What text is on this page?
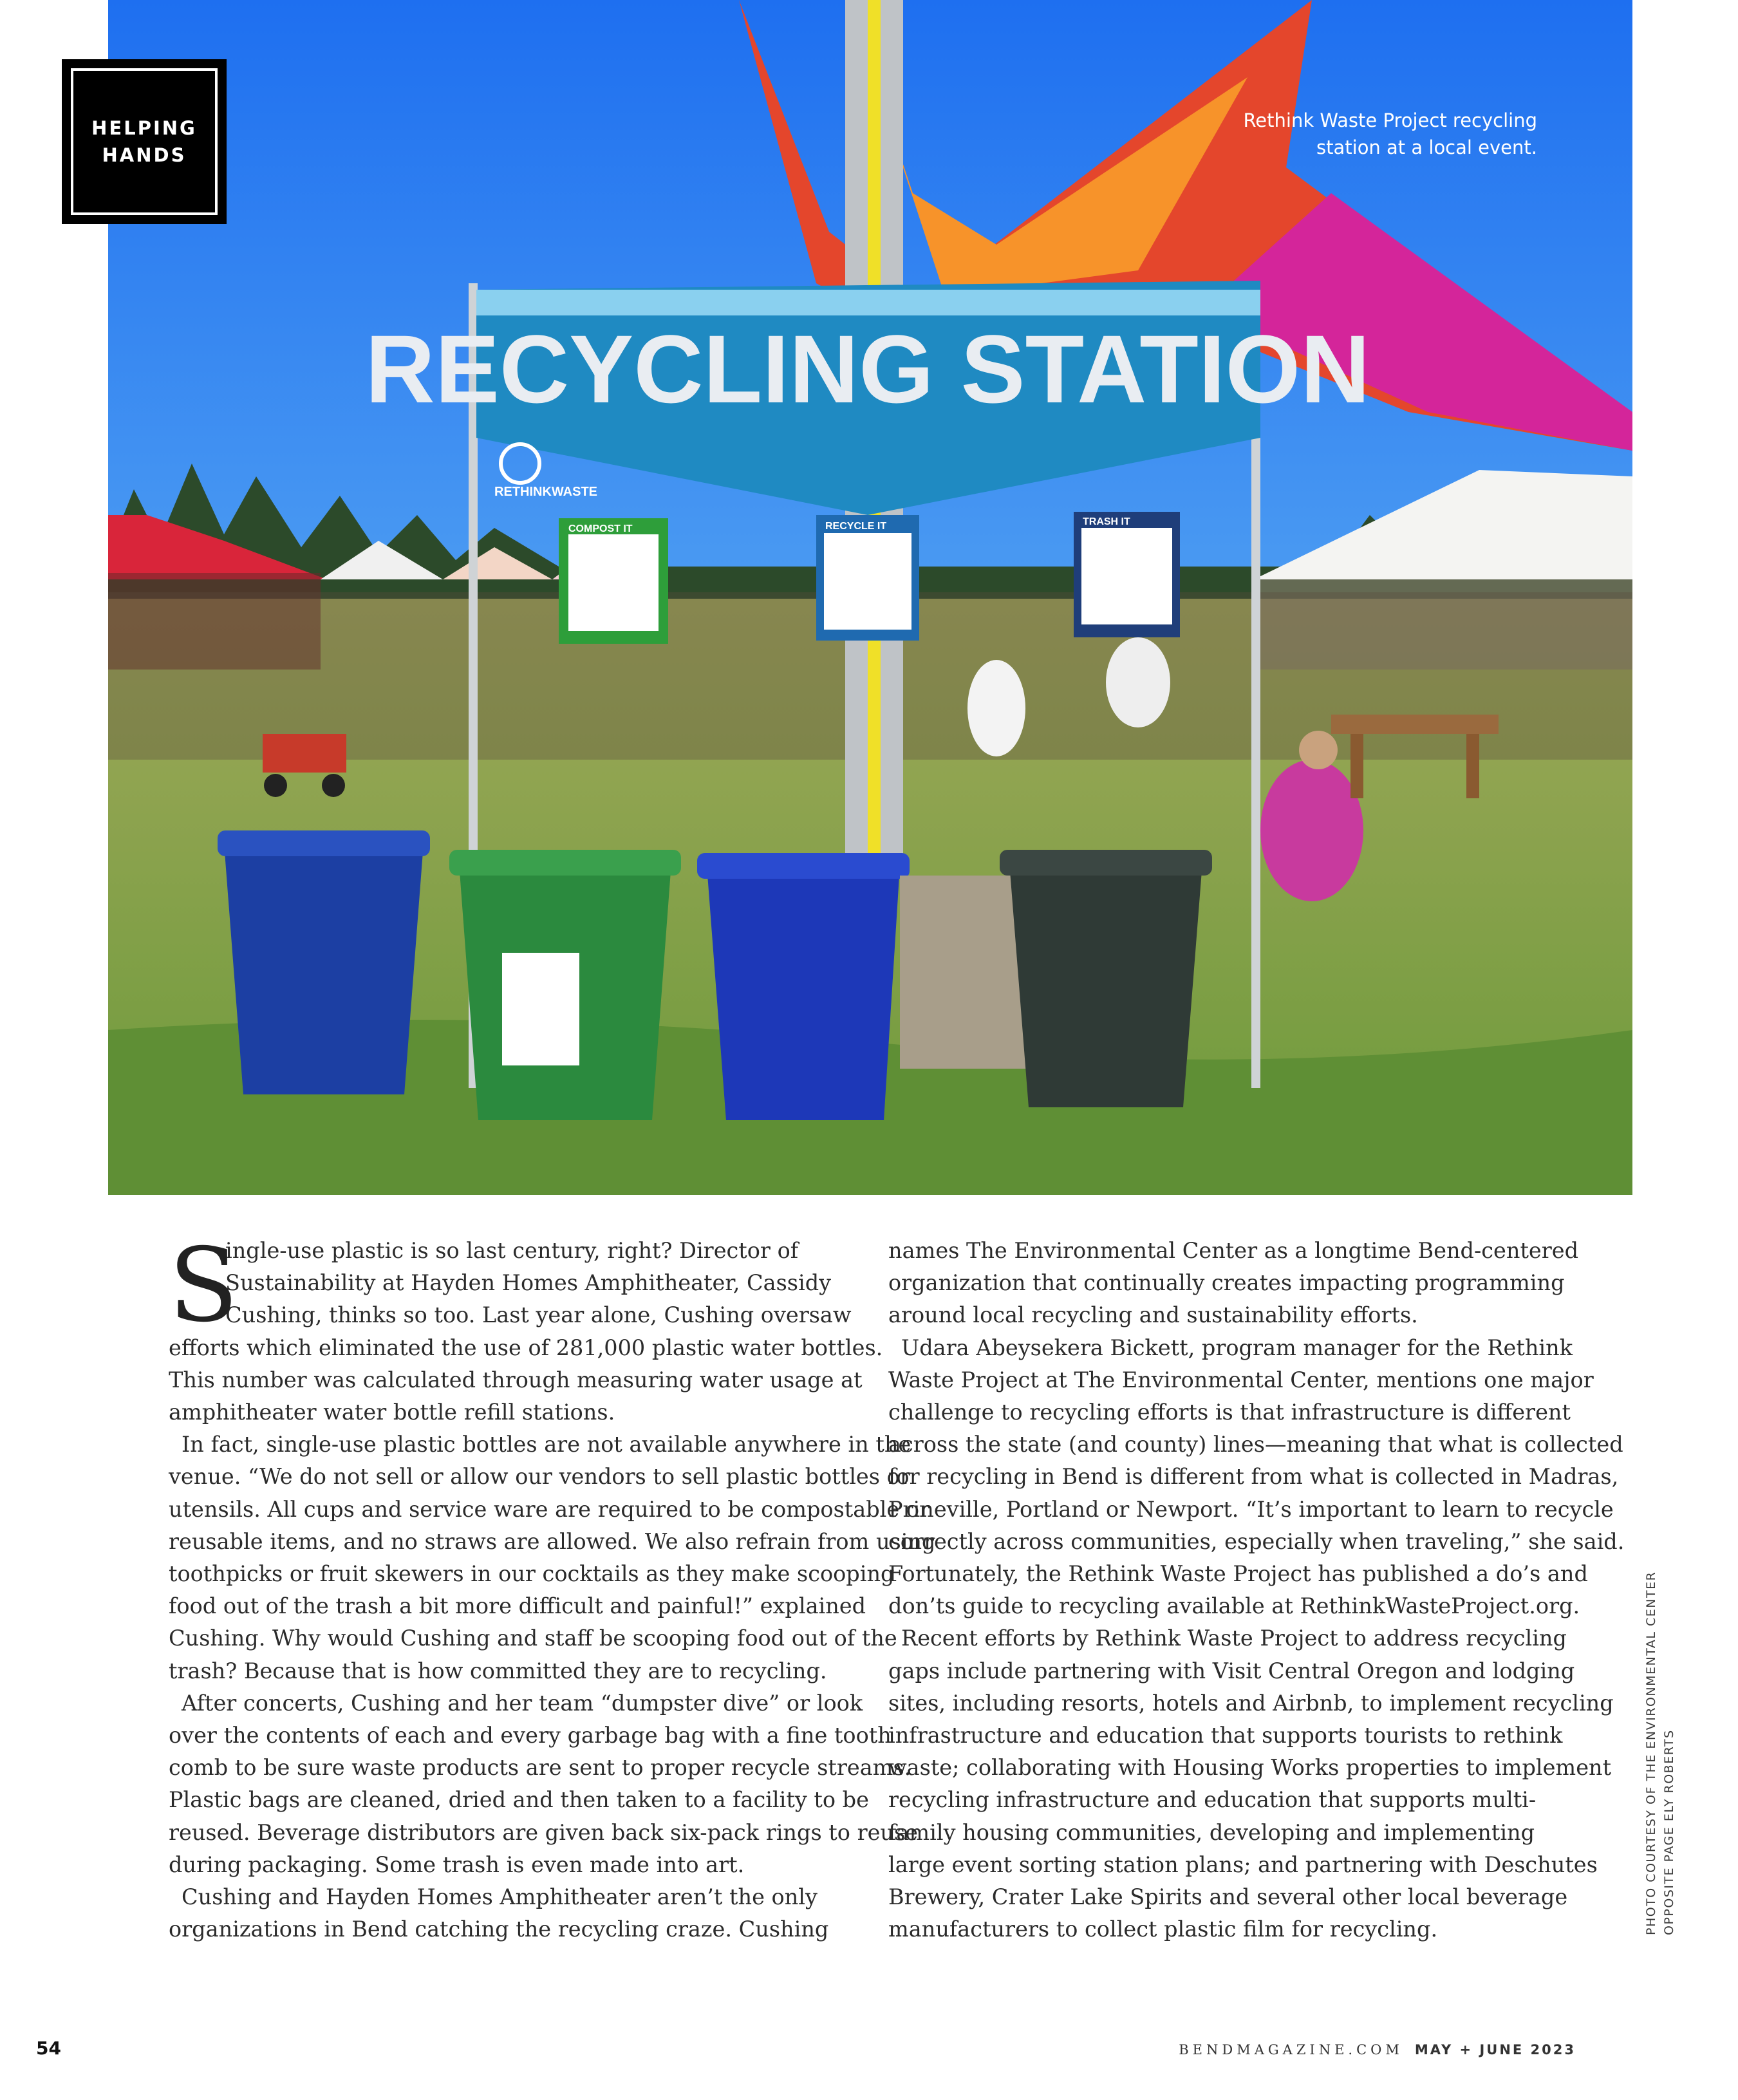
RECYCLING STATION
RETHINKWASTE
COMPOST IT	RECYCLE IT	TRASH IT
HELPING
HANDS
Rethink Waste Project recycling
station at a local event.
S
ingle-use plastic is so last century, right? Director of
Sustainability at Hayden Homes Amphitheater, Cassidy
Cushing, thinks so too. Last year alone, Cushing oversaw
efforts which eliminated the use of 281,000 plastic water bottles.
This number was calculated through measuring water usage at
amphitheater water bottle refill stations.
In fact, single-use plastic bottles are not available anywhere in the
venue. “We do not sell or allow our vendors to sell plastic bottles or
utensils. All cups and service ware are required to be compostable or
reusable items, and no straws are allowed. We also refrain from using
toothpicks or fruit skewers in our cocktails as they make scooping
food out of the trash a bit more difficult and painful!” explained
Cushing. Why would Cushing and staff be scooping food out of the
trash? Because that is how committed they are to recycling.
After concerts, Cushing and her team “dumpster dive” or look
over the contents of each and every garbage bag with a fine tooth
comb to be sure waste products are sent to proper recycle streams.
Plastic bags are cleaned, dried and then taken to a facility to be
reused. Beverage distributors are given back six-pack rings to reuse
during packaging. Some trash is even made into art.
Cushing and Hayden Homes Amphitheater aren’t the only
organizations in Bend catching the recycling craze. Cushing
names The Environmental Center as a longtime Bend-centered
organization that continually creates impacting programming
around local recycling and sustainability efforts.
Udara Abeysekera Bickett, program manager for the Rethink
Waste Project at The Environmental Center, mentions one major
challenge to recycling efforts is that infrastructure is different
across the state (and county) lines—meaning that what is collected
for recycling in Bend is different from what is collected in Madras,
Prineville, Portland or Newport. “It’s important to learn to recycle
correctly across communities, especially when traveling,” she said.
Fortunately, the Rethink Waste Project has published a do’s and
don’ts guide to recycling available at RethinkWasteProject.org.
Recent efforts by Rethink Waste Project to address recycling
gaps include partnering with Visit Central Oregon and lodging
sites, including resorts, hotels and Airbnb, to implement recycling
infrastructure and education that supports tourists to rethink
waste; collaborating with Housing Works properties to implement
recycling infrastructure and education that supports multi-
family housing communities, developing and implementing
large event sorting station plans; and partnering with Deschutes
Brewery, Crater Lake Spirits and several other local beverage
manufacturers to collect plastic film for recycling.	PHOTO COURTESY OF THE ENVIRONMENTAL CENTER OPPOSITE PAGE ELY ROBERTS
54	BENDMAGAZINE.COM MAY + JUNE 2023
